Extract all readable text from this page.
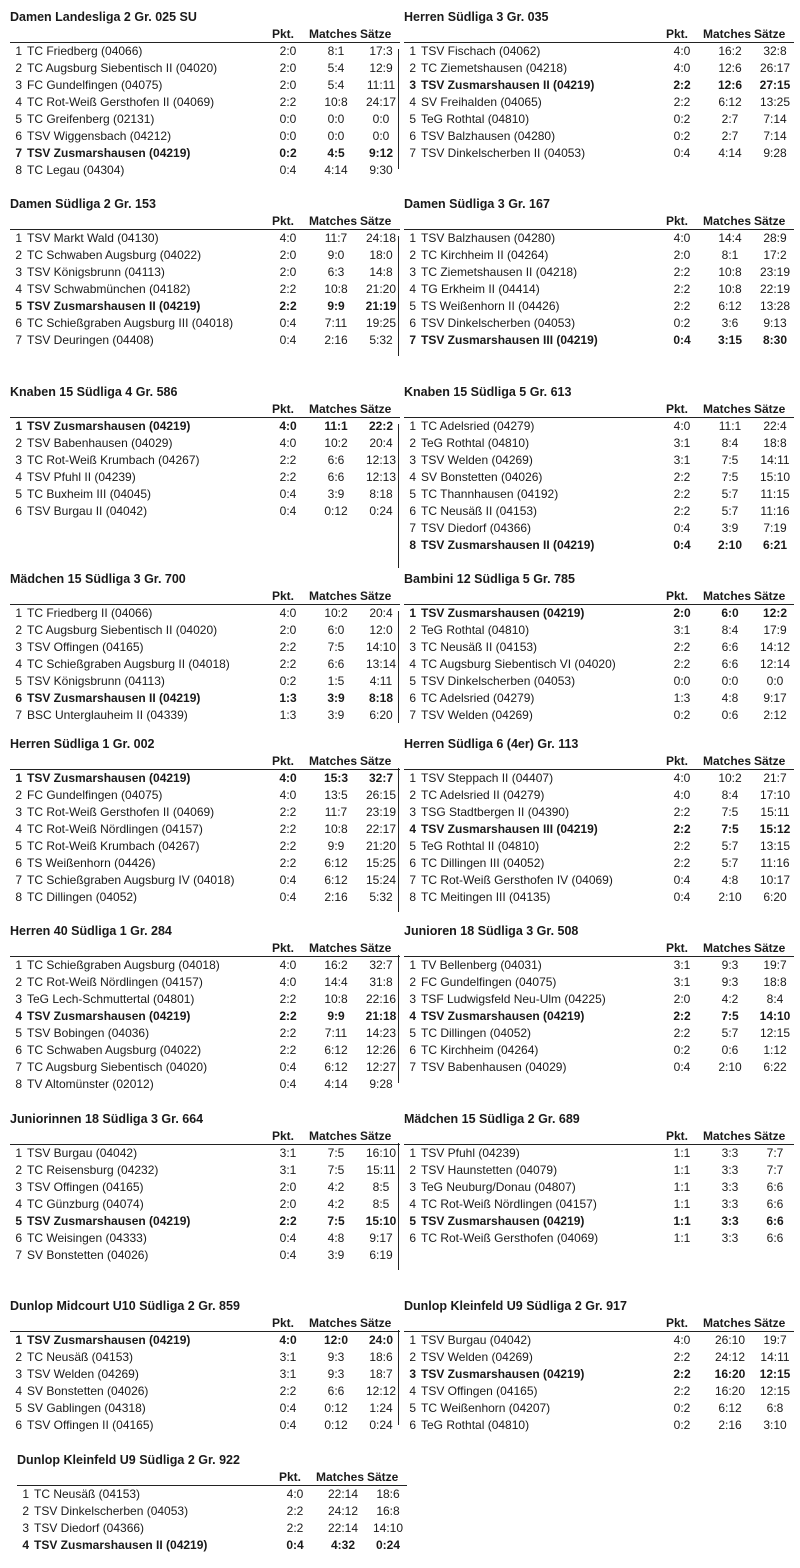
Damen Landesliga 2 Gr. 025 SU
Pkt. Matches Sätze
1 TC Friedberg (04066)	2:0	8:1	17:3
2 TC Augsburg Siebentisch II (04020)	2:0	5:4	12:9
3 FC Gundelfingen (04075)	2:0	5:4	11:11
4 TC Rot-Weiß Gersthofen II (04069)	2:2	10:8	24:17
5 TC Greifenberg (02131)	0:0	0:0	0:0
6 TSV Wiggensbach (04212)	0:0	0:0	0:0
7 TSV Zusmarshausen (04219)	0:2	4:5	9:12
8 TC Legau (04304)	0:4	4:14	9:30
Herren Südliga 3 Gr. 035
Pkt. Matches Sätze
1 TSV Fischach (04062)	4:0	16:2	32:8
2 TC Ziemetshausen (04218)	4:0	12:6	26:17
3 TSV Zusmarshausen II (04219)	2:2	12:6	27:15
4 SV Freihalden (04065)	2:2	6:12	13:25
5 TeG Rothtal (04810)	0:2	2:7	7:14
6 TSV Balzhausen (04280)	0:2	2:7	7:14
7 TSV Dinkelscherben II (04053)	0:4	4:14	9:28
Damen Südliga 2 Gr. 153
Pkt. Matches Sätze
1 TSV Markt Wald (04130)	4:0	11:7	24:18
2 TC Schwaben Augsburg (04022)	2:0	9:0	18:0
3 TSV Königsbrunn (04113)	2:0	6:3	14:8
4 TSV Schwabmünchen (04182)	2:2	10:8	21:20
5 TSV Zusmarshausen II (04219)	2:2	9:9	21:19
6 TC Schießgraben Augsburg III (04018)	0:4	7:11	19:25
7 TSV Deuringen (04408)	0:4	2:16	5:32
Damen Südliga 3 Gr. 167
Pkt. Matches Sätze
1 TSV Balzhausen (04280)	4:0	14:4	28:9
2 TC Kirchheim II (04264)	2:0	8:1	17:2
3 TC Ziemetshausen II (04218)	2:2	10:8	23:19
4 TG Erkheim II (04414)	2:2	10:8	22:19
5 TS Weißenhorn II (04426)	2:2	6:12	13:28
6 TSV Dinkelscherben (04053)	0:2	3:6	9:13
7 TSV Zusmarshausen III (04219)	0:4	3:15	8:30
Knaben 15 Südliga 4 Gr. 586
Pkt. Matches Sätze
1 TSV Zusmarshausen (04219)	4:0	11:1	22:2
2 TSV Babenhausen (04029)	4:0	10:2	20:4
3 TC Rot-Weiß Krumbach (04267)	2:2	6:6	12:13
4 TSV Pfuhl II (04239)	2:2	6:6	12:13
5 TC Buxheim III (04045)	0:4	3:9	8:18
6 TSV Burgau II (04042)	0:4	0:12	0:24
Knaben 15 Südliga 5 Gr. 613
Pkt. Matches Sätze
1 TC Adelsried (04279)	4:0	11:1	22:4
2 TeG Rothtal (04810)	3:1	8:4	18:8
3 TSV Welden (04269)	3:1	7:5	14:11
4 SV Bonstetten (04026)	2:2	7:5	15:10
5 TC Thannhausen (04192)	2:2	5:7	11:15
6 TC Neusäß II (04153)	2:2	5:7	11:16
7 TSV Diedorf (04366)	0:4	3:9	7:19
8 TSV Zusmarshausen II (04219)	0:4	2:10	6:21
Mädchen 15 Südliga 3 Gr. 700
Pkt. Matches Sätze
1 TC Friedberg II (04066)	4:0	10:2	20:4
2 TC Augsburg Siebentisch II (04020)	2:0	6:0	12:0
3 TSV Offingen (04165)	2:2	7:5	14:10
4 TC Schießgraben Augsburg II (04018)	2:2	6:6	13:14
5 TSV Königsbrunn (04113)	0:2	1:5	4:11
6 TSV Zusmarshausen II (04219)	1:3	3:9	8:18
7 BSC Unterglauheim II (04339)	1:3	3:9	6:20
Bambini 12 Südliga 5 Gr. 785
Pkt. Matches Sätze
1 TSV Zusmarshausen (04219)	2:0	6:0	12:2
2 TeG Rothtal (04810)	3:1	8:4	17:9
3 TC Neusäß II (04153)	2:2	6:6	14:12
4 TC Augsburg Siebentisch VI (04020)	2:2	6:6	12:14
5 TSV Dinkelscherben (04053)	0:0	0:0	0:0
6 TC Adelsried (04279)	1:3	4:8	9:17
7 TSV Welden (04269)	0:2	0:6	2:12
Herren Südliga 1 Gr. 002
Pkt. Matches Sätze
1 TSV Zusmarshausen (04219)	4:0	15:3	32:7
2 FC Gundelfingen (04075)	4:0	13:5	26:15
3 TC Rot-Weiß Gersthofen II (04069)	2:2	11:7	23:19
4 TC Rot-Weiß Nördlingen (04157)	2:2	10:8	22:17
5 TC Rot-Weiß Krumbach (04267)	2:2	9:9	21:20
6 TS Weißenhorn (04426)	2:2	6:12	15:25
7 TC Schießgraben Augsburg IV (04018)	0:4	6:12	15:24
8 TC Dillingen (04052)	0:4	2:16	5:32
Herren Südliga 6 (4er) Gr. 113
Pkt. Matches Sätze
1 TSV Steppach II (04407)	4:0	10:2	21:7
2 TC Adelsried II (04279)	4:0	8:4	17:10
3 TSG Stadtbergen II (04390)	2:2	7:5	15:11
4 TSV Zusmarshausen III (04219)	2:2	7:5	15:12
5 TeG Rothtal II (04810)	2:2	5:7	13:15
6 TC Dillingen III (04052)	2:2	5:7	11:16
7 TC Rot-Weiß Gersthofen IV (04069)	0:4	4:8	10:17
8 TC Meitingen III (04135)	0:4	2:10	6:20
Herren 40 Südliga 1 Gr. 284
Pkt. Matches Sätze
1 TC Schießgraben Augsburg (04018)	4:0	16:2	32:7
2 TC Rot-Weiß Nördlingen (04157)	4:0	14:4	31:8
3 TeG Lech-Schmuttertal (04801)	2:2	10:8	22:16
4 TSV Zusmarshausen (04219)	2:2	9:9	21:18
5 TSV Bobingen (04036)	2:2	7:11	14:23
6 TC Schwaben Augsburg (04022)	2:2	6:12	12:26
7 TC Augsburg Siebentisch (04020)	0:4	6:12	12:27
8 TV Altomünster (02012)	0:4	4:14	9:28
Junioren 18 Südliga 3 Gr. 508
Pkt. Matches Sätze
1 TV Bellenberg (04031)	3:1	9:3	19:7
2 FC Gundelfingen (04075)	3:1	9:3	18:8
3 TSF Ludwigsfeld Neu-Ulm (04225)	2:0	4:2	8:4
4 TSV Zusmarshausen (04219)	2:2	7:5	14:10
5 TC Dillingen (04052)	2:2	5:7	12:15
6 TC Kirchheim (04264)	0:2	0:6	1:12
7 TSV Babenhausen (04029)	0:4	2:10	6:22
Juniorinnen 18 Südliga 3 Gr. 664
Pkt. Matches Sätze
1 TSV Burgau (04042)	3:1	7:5	16:10
2 TC Reisensburg (04232)	3:1	7:5	15:11
3 TSV Offingen (04165)	2:0	4:2	8:5
4 TC Günzburg (04074)	2:0	4:2	8:5
5 TSV Zusmarshausen (04219)	2:2	7:5	15:10
6 TC Weisingen (04333)	0:4	4:8	9:17
7 SV Bonstetten (04026)	0:4	3:9	6:19
Mädchen 15 Südliga 2 Gr. 689
Pkt. Matches Sätze
1 TSV Pfuhl (04239)	1:1	3:3	7:7
2 TSV Haunstetten (04079)	1:1	3:3	7:7
3 TeG Neuburg/Donau (04807)	1:1	3:3	6:6
4 TC Rot-Weiß Nördlingen (04157)	1:1	3:3	6:6
5 TSV Zusmarshausen (04219)	1:1	3:3	6:6
6 TC Rot-Weiß Gersthofen (04069)	1:1	3:3	6:6
Dunlop Midcourt U10 Südliga 2 Gr. 859
Pkt. Matches Sätze
1 TSV Zusmarshausen (04219)	4:0	12:0	24:0
2 TC Neusäß (04153)	3:1	9:3	18:6
3 TSV Welden (04269)	3:1	9:3	18:7
4 SV Bonstetten (04026)	2:2	6:6	12:12
5 SV Gablingen (04318)	0:4	0:12	1:24
6 TSV Offingen II (04165)	0:4	0:12	0:24
Dunlop Kleinfeld U9 Südliga 2 Gr. 917
Pkt. Matches Sätze
1 TSV Burgau (04042)	4:0	26:10	19:7
2 TSV Welden (04269)	2:2	24:12	14:11
3 TSV Zusmarshausen (04219)	2:2	16:20	12:15
4 TSV Offingen (04165)	2:2	16:20	12:15
5 TC Weißenhorn (04207)	0:2	6:12	6:8
6 TeG Rothtal (04810)	0:2	2:16	3:10
Dunlop Kleinfeld U9 Südliga 2 Gr. 922
Pkt. Matches Sätze
1 TC Neusäß (04153)	4:0	22:14	18:6
2 TSV Dinkelscherben (04053)	2:2	24:12	16:8
3 TSV Diedorf (04366)	2:2	22:14	14:10
4 TSV Zusmarshausen II (04219)	0:4	4:32	0:24
